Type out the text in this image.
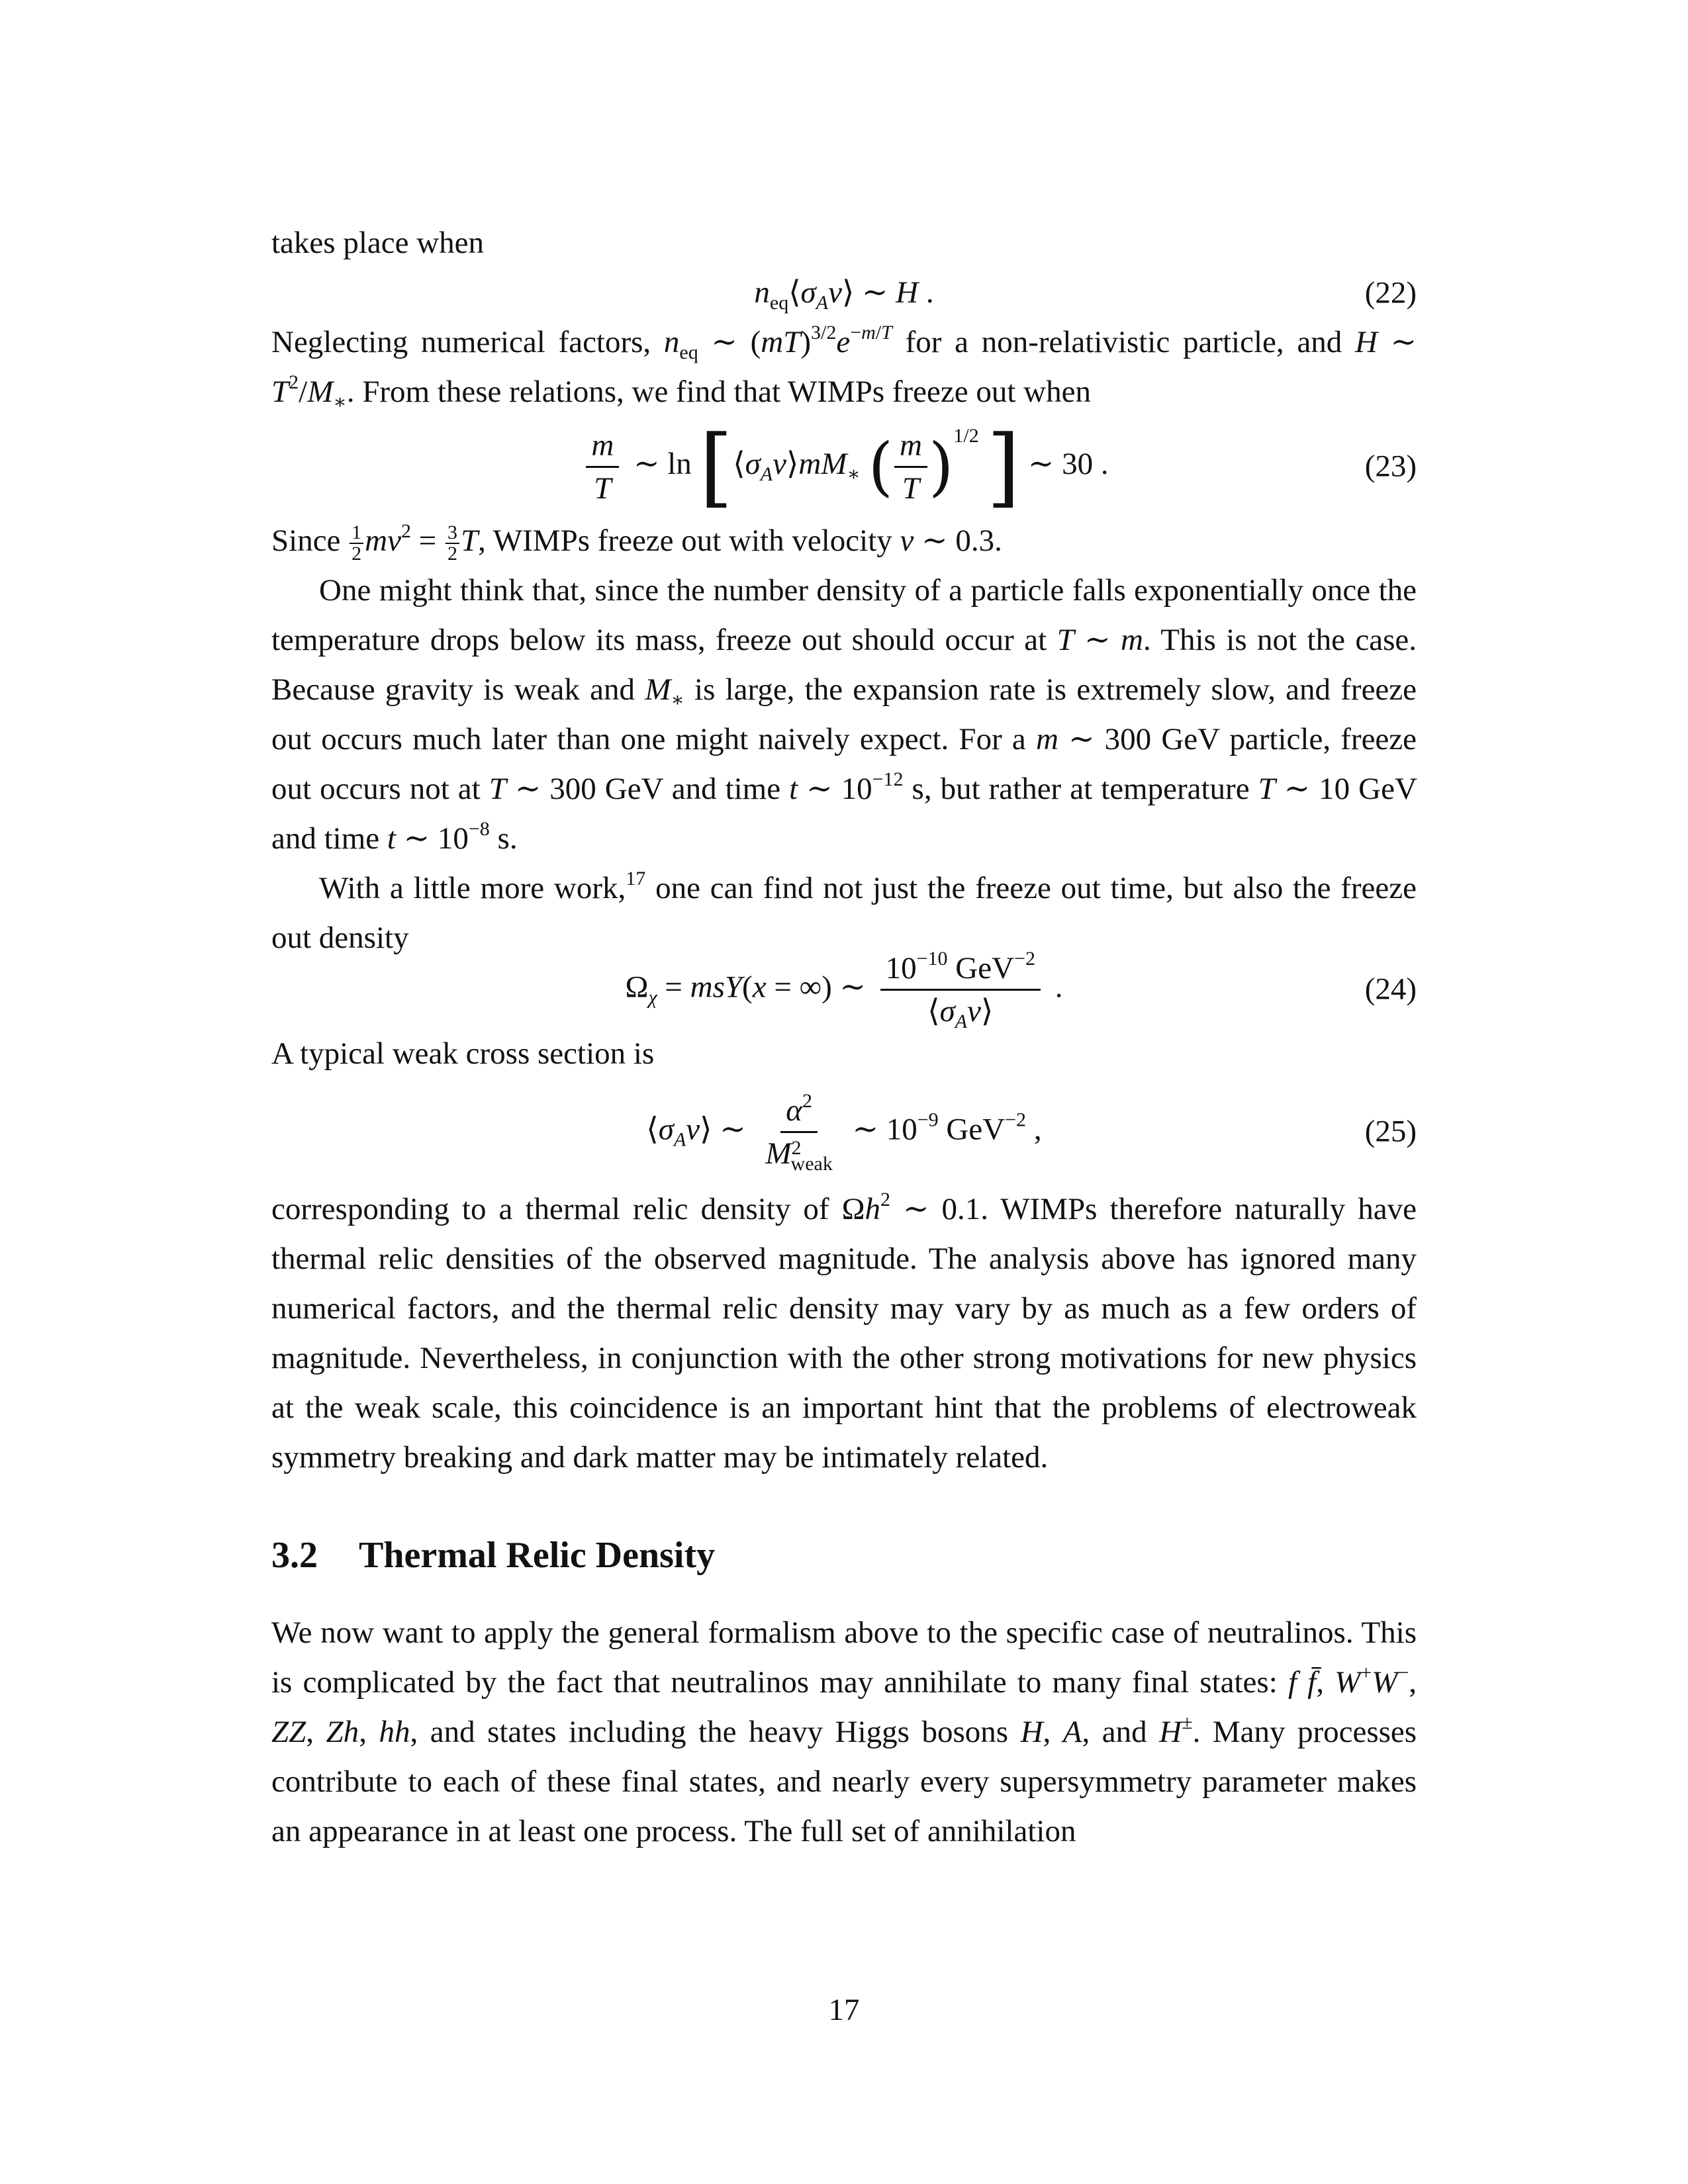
takes place when

$n_{eq}⟨\sigma_Av⟩$ ∼ H .	(22)

Neglecting numerical factors, $n_{eq}$ ∼ $(mT)^{3/2}e^{-m/T}$ for a non-relativistic particle, and H ∼ $T^2/M_∗$. From these relations, we find that WIMPs freeze out when

$\frac{m}{T}$ ∼ $\ln [⟨\sigma_Av⟩mM_∗$ ( $\frac{m}{T} )^{1/2}$ ] ∼ 30 .	(23)

Since $\frac{1}{2} mv^2 = \frac{3}{2} T$, WIMPs freeze out with velocity v ∼ 0.3.

One might think that, since the number density of a particle falls exponentially once the temperature drops below its mass, freeze out should occur at T ∼ m. This is not the case. Because gravity is weak and $M_∗$ is large, the expansion rate is extremely slow, and freeze out occurs much later than one might naively expect. For a m ∼ 300 GeV particle, freeze out occurs not at T ∼ 300 GeV and time t ∼ $10^{-12}$ s, but rather at temperature T ∼ 10 GeV and time t ∼ $10^{-8}$ s.

With a little more work,$^{17}$ one can find not just the freeze out time, but also the freeze out density

$\Omega_\chi = msY(x$ = ∞) ∼ $\frac{10^{-10} GeV^{-2}}{⟨\sigma_Av⟩}$ .	(24)

A typical weak cross section is

$⟨\sigma_Av⟩$ ∼ $\frac{\alpha^2}{M^2_{weak}}$ ∼ $10^{-9}$ GeV$^{-2}$ ,	(25)

corresponding to a thermal relic density of $\Omega h^2$ ∼ 0.1. WIMPs therefore naturally have thermal relic densities of the observed magnitude. The analysis above has ignored many numerical factors, and the thermal relic density may vary by as much as a few orders of magnitude. Nevertheless, in conjunction with the other strong motivations for new physics at the weak scale, this coincidence is an important hint that the problems of electroweak symmetry breaking and dark matter may be intimately related.

3.2 Thermal Relic Density

We now want to apply the general formalism above to the specific case of neutralinos. This is complicated by the fact that neutralinos may annihilate to many final states: f f̄, W+W−, ZZ, Zh, hh, and states including the heavy Higgs bosons H, A, and H±. Many processes contribute to each of these final states, and nearly every supersymmetry parameter makes an appearance in at least one process. The full set of annihilation

17
